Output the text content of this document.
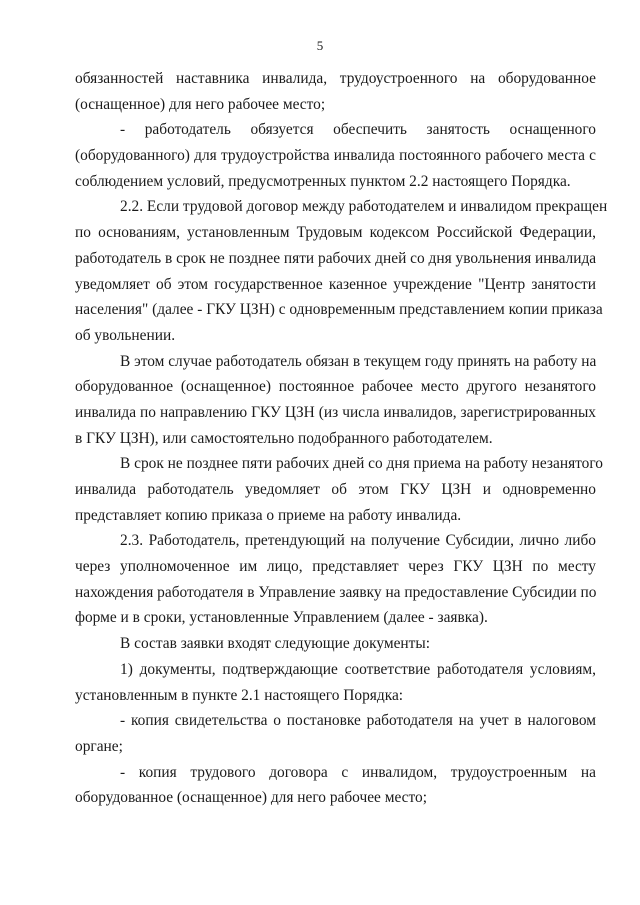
5
обязанностей наставника инвалида, трудоустроенного на оборудованное
(оснащенное) для него рабочее место;
- работодатель обязуется обеспечить занятость оснащенного
(оборудованного) для трудоустройства инвалида постоянного рабочего места с
соблюдением условий, предусмотренных пунктом 2.2 настоящего Порядка.
2.2. Если трудовой договор между работодателем и инвалидом прекращен
по основаниям, установленным Трудовым кодексом Российской Федерации,
работодатель в срок не позднее пяти рабочих дней со дня увольнения инвалида
уведомляет об этом государственное казенное учреждение "Центр занятости
населения" (далее - ГКУ ЦЗН) с одновременным представлением копии приказа
об увольнении.
В этом случае работодатель обязан в текущем году принять на работу на
оборудованное (оснащенное) постоянное рабочее место другого незанятого
инвалида по направлению ГКУ ЦЗН (из числа инвалидов, зарегистрированных
в ГКУ ЦЗН), или самостоятельно подобранного работодателем.
В срок не позднее пяти рабочих дней со дня приема на работу незанятого
инвалида работодатель уведомляет об этом ГКУ ЦЗН и одновременно
представляет копию приказа о приеме на работу инвалида.
2.3. Работодатель, претендующий на получение Субсидии, лично либо
через уполномоченное им лицо, представляет через ГКУ ЦЗН по месту
нахождения работодателя в Управление заявку на предоставление Субсидии по
форме и в сроки, установленные Управлением (далее - заявка).
В состав заявки входят следующие документы:
1) документы, подтверждающие соответствие работодателя условиям,
установленным в пункте 2.1 настоящего Порядка:
- копия свидетельства о постановке работодателя на учет в налоговом
органе;
- копия трудового договора с инвалидом, трудоустроенным на
оборудованное (оснащенное) для него рабочее место;
